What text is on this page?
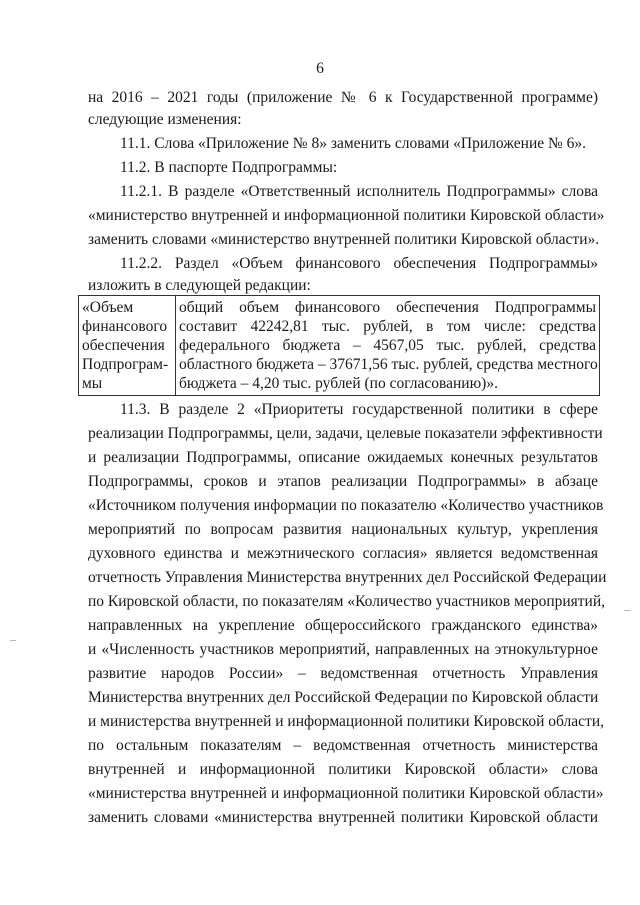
6
на 2016 – 2021 годы (приложение № 6 к Государственной программе)
следующие изменения:
11.1. Слова «Приложение № 8» заменить словами «Приложение № 6».
11.2. В паспорте Подпрограммы:
11.2.1. В разделе «Ответственный исполнитель Подпрограммы» слова
«министерство внутренней и информационной политики Кировской области»
заменить словами «министерство внутренней политики Кировской области».
11.2.2. Раздел «Объем финансового обеспечения Подпрограммы»
изложить в следующей редакции:
«Объем
финансового
обеспечения
Подпрограм-
мы

общий объем финансового обеспечения Подпрограммы
составит 42242,81 тыс. рублей, в том числе: средства
федерального бюджета – 4567,05 тыс. рублей, средства
областного бюджета – 37671,56 тыс. рублей, средства местного
бюджета – 4,20 тыс. рублей (по согласованию)».
11.3. В разделе 2 «Приоритеты государственной политики в сфере
реализации Подпрограммы, цели, задачи, целевые показатели эффективности
и реализации Подпрограммы, описание ожидаемых конечных результатов
Подпрограммы, сроков и этапов реализации Подпрограммы» в абзаце
«Источником получения информации по показателю «Количество участников
мероприятий по вопросам развития национальных культур, укрепления
духовного единства и межэтнического согласия» является ведомственная
отчетность Управления Министерства внутренних дел Российской Федерации
по Кировской области, по показателям «Количество участников мероприятий,
направленных на укрепление общероссийского гражданского единства»
и «Численность участников мероприятий, направленных на этнокультурное
развитие народов России» – ведомственная отчетность Управления
Министерства внутренних дел Российской Федерации по Кировской области
и министерства внутренней и информационной политики Кировской области,
по остальным показателям – ведомственная отчетность министерства
внутренней и информационной политики Кировской области» слова
«министерства внутренней и информационной политики Кировской области»
заменить словами «министерства внутренней политики Кировской области
–
–
